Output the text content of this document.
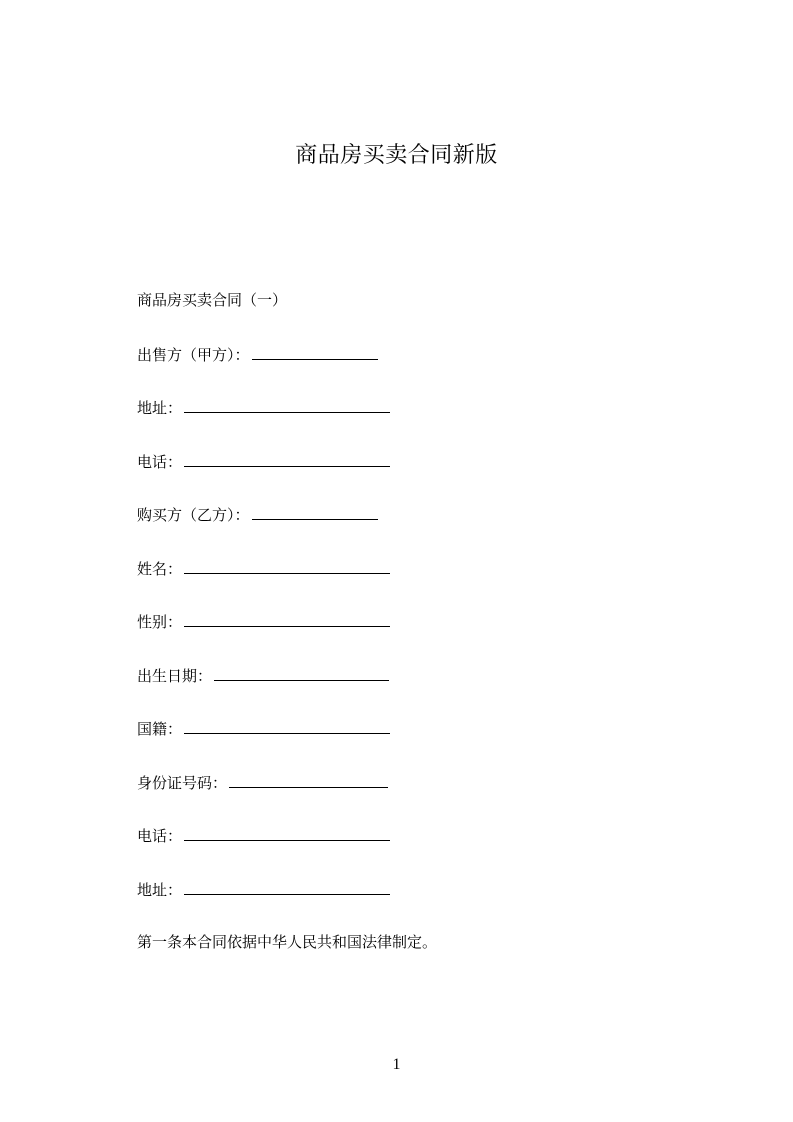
商品房买卖合同新版
商品房买卖合同（一）
出售方（甲方）：
地址：
电话：
购买方（乙方）：
姓名：
性别：
出生日期：
国籍：
身份证号码：
电话：
地址：
第一条本合同依据中华人民共和国法律制定。
1
